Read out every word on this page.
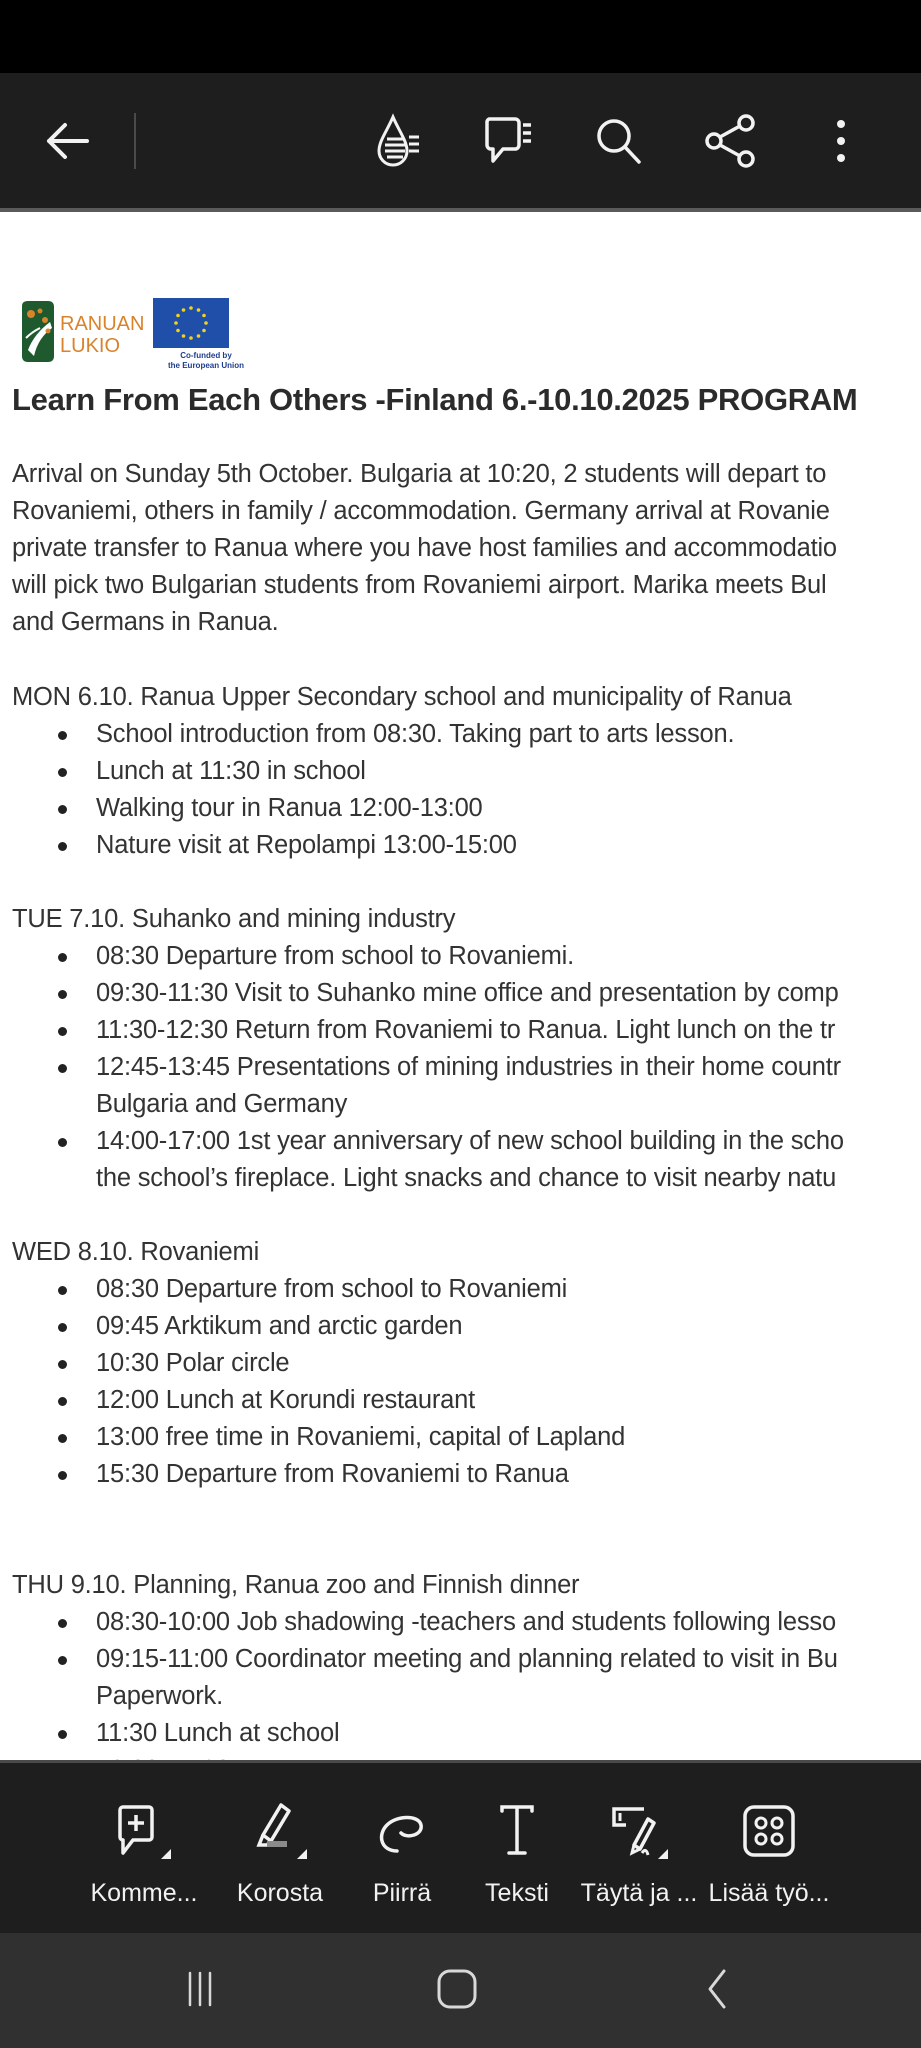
RANUAN
LUKIO	Co-funded by
the European Union
Learn From Each Others -Finland 6.-10.10.2025 PROGRAM
Arrival on Sunday 5th October. Bulgaria at 10:20, 2 students will depart to
Rovaniemi, others in family / accommodation. Germany arrival at Rovanie
private transfer to Ranua where you have host families and accommodatio
will pick two Bulgarian students from Rovaniemi airport. Marika meets Bul
and Germans in Ranua.
MON 6.10. Ranua Upper Secondary school and municipality of Ranua
School introduction from 08:30. Taking part to arts lesson.
Lunch at 11:30 in school
Walking tour in Ranua 12:00-13:00
Nature visit at Repolampi 13:00-15:00
TUE 7.10. Suhanko and mining industry
08:30 Departure from school to Rovaniemi.
09:30-11:30 Visit to Suhanko mine office and presentation by comp
11:30-12:30 Return from Rovaniemi to Ranua. Light lunch on the tr
12:45-13:45 Presentations of mining industries in their home countr
Bulgaria and Germany
14:00-17:00 1st year anniversary of new school building in the scho
the school’s fireplace. Light snacks and chance to visit nearby natu
WED 8.10. Rovaniemi
08:30 Departure from school to Rovaniemi
09:45 Arktikum and arctic garden
10:30 Polar circle
12:00 Lunch at Korundi restaurant
13:00 free time in Rovaniemi, capital of Lapland
15:30 Departure from Rovaniemi to Ranua
THU 9.10. Planning, Ranua zoo and Finnish dinner
08:30-10:00 Job shadowing -teachers and students following lesso
09:15-11:00 Coordinator meeting and planning related to visit in Bu
Paperwork.
11:30 Lunch at school
Komme... Korosta Piirrä Teksti Täytä ja ... Lisää työ...
